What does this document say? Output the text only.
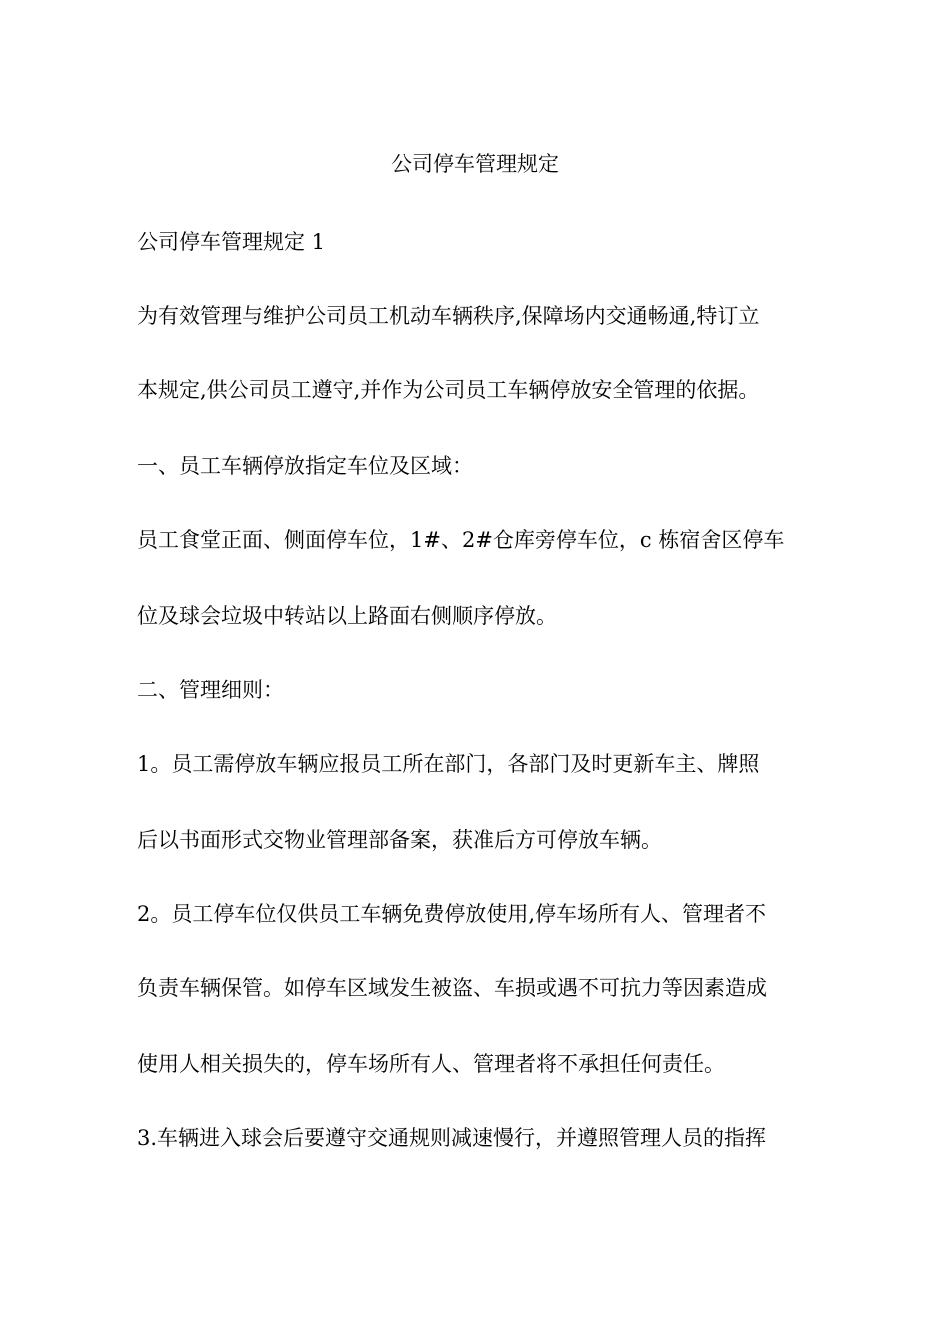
公司停车管理规定
公司停车管理规定 1
为有效管理与维护公司员工机动车辆秩序,保障场内交通畅通,特订立
本规定,供公司员工遵守,并作为公司员工车辆停放安全管理的依据。
一、员工车辆停放指定车位及区域：
员工食堂正面、侧面停车位，1#、2#仓库旁停车位，c 栋宿舍区停车
位及球会垃圾中转站以上路面右侧顺序停放。
二、管理细则：
1。员工需停放车辆应报员工所在部门，各部门及时更新车主、牌照
后以书面形式交物业管理部备案，获准后方可停放车辆。
2。员工停车位仅供员工车辆免费停放使用,停车场所有人、管理者不
负责车辆保管。如停车区域发生被盗、车损或遇不可抗力等因素造成
使用人相关损失的，停车场所有人、管理者将不承担任何责任。
3.车辆进入球会后要遵守交通规则减速慢行，并遵照管理人员的指挥
